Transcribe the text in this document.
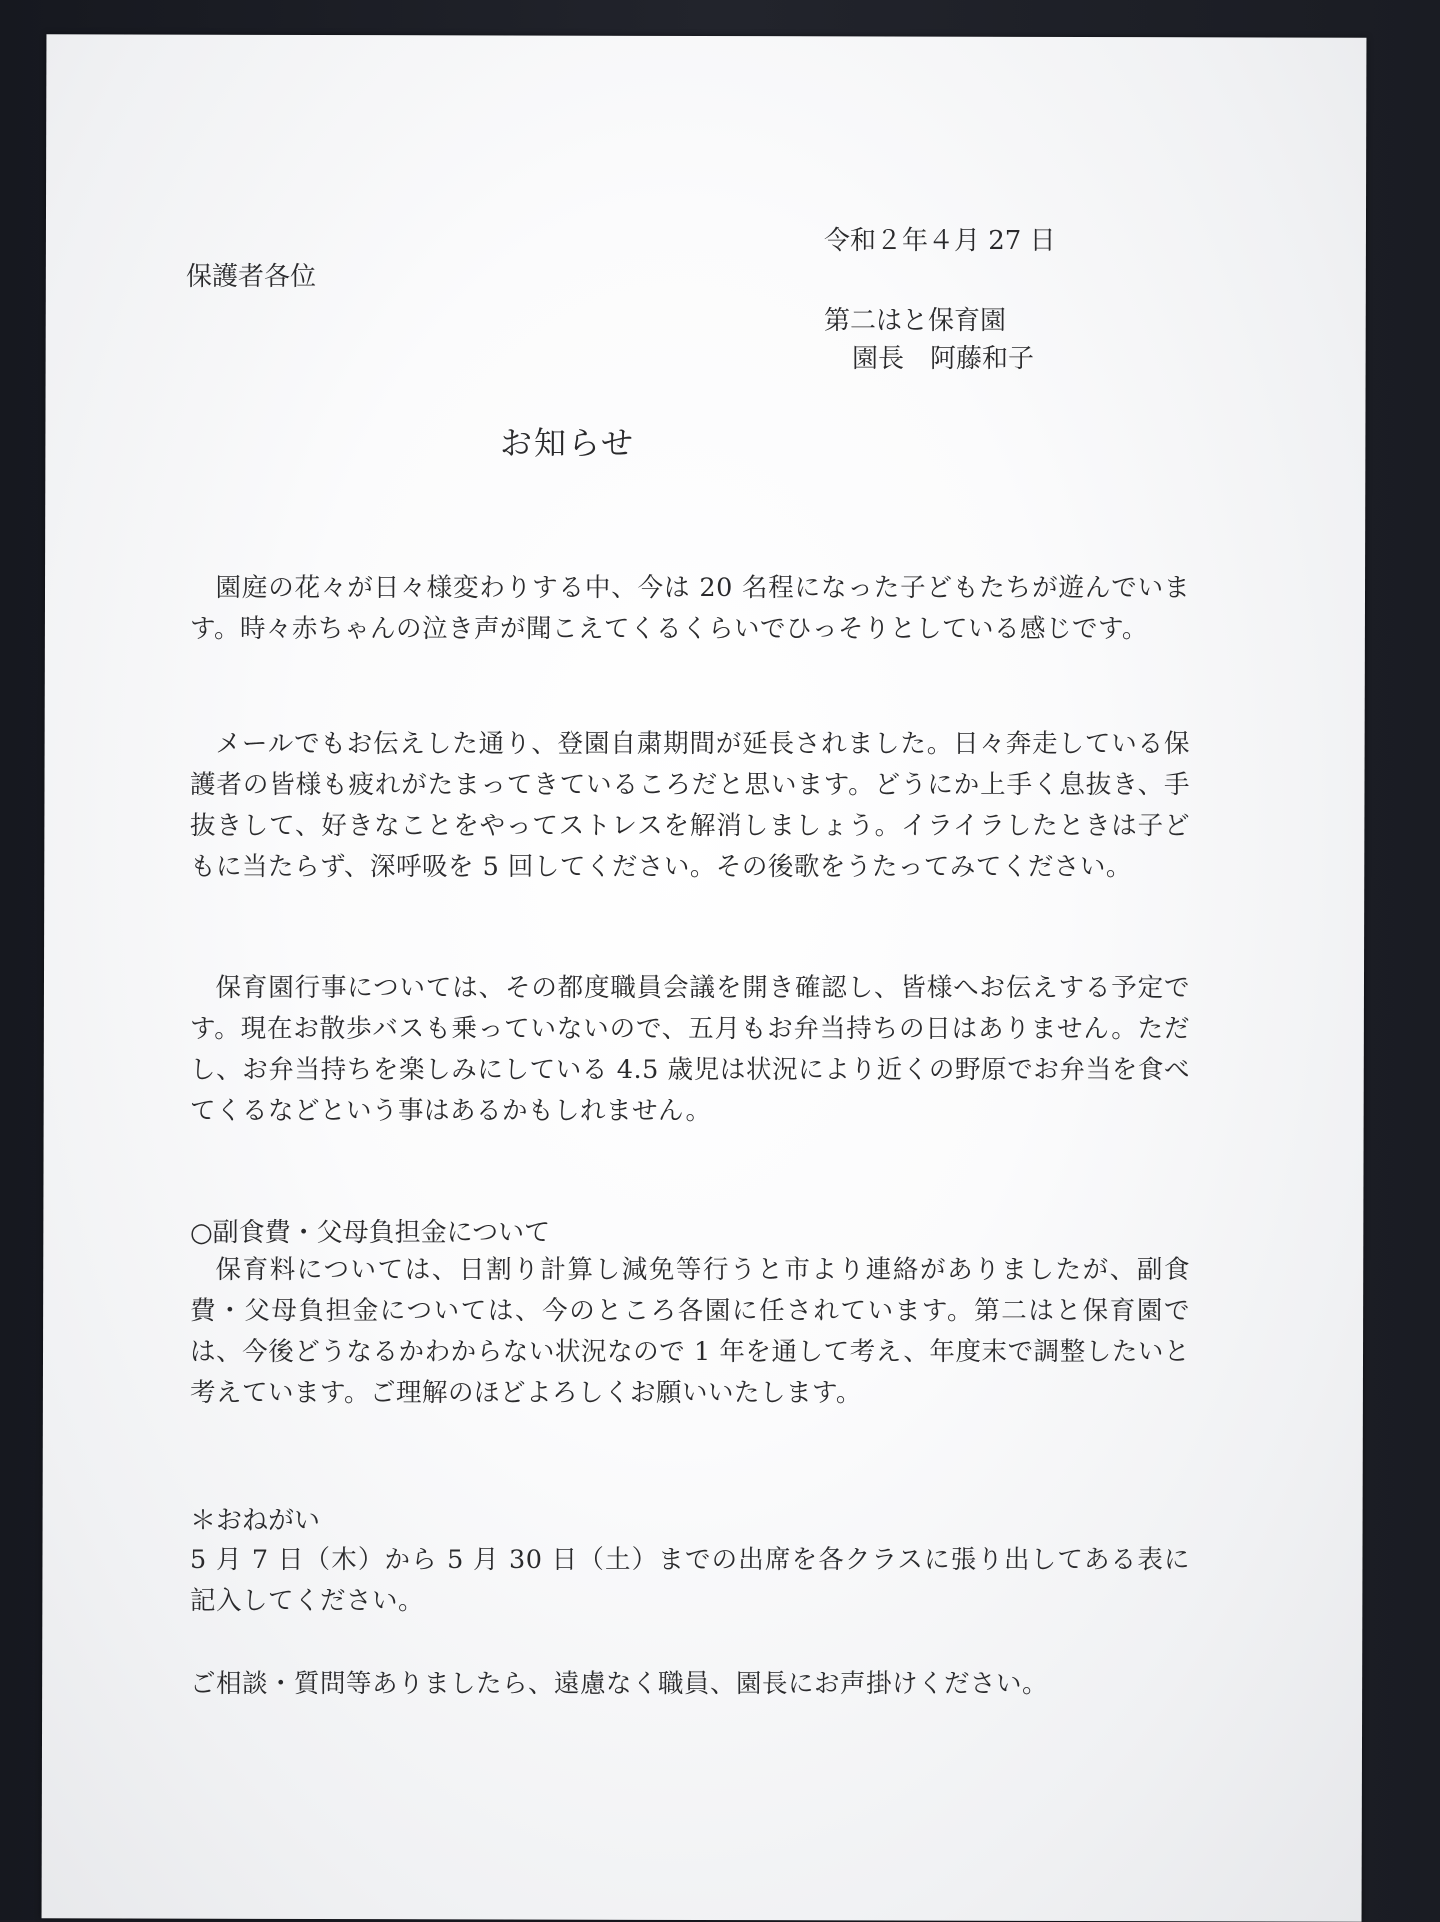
令和２年４月 27 日
保護者各位
第二はと保育園
園長　阿藤和子
お知らせ
園庭の花々が日々様変わりする中、今は 20 名程になった子どもたちが遊んでいます。時々赤ちゃんの泣き声が聞こえてくるくらいでひっそりとしている感じです。
メールでもお伝えした通り、登園自粛期間が延長されました。日々奔走している保護者の皆様も疲れがたまってきているころだと思います。どうにか上手く息抜き、手抜きして、好きなことをやってストレスを解消しましょう。イライラしたときは子どもに当たらず、深呼吸を 5 回してください。その後歌をうたってみてください。
保育園行事については、その都度職員会議を開き確認し、皆様へお伝えする予定です。現在お散歩バスも乗っていないので、五月もお弁当持ちの日はありません。ただし、お弁当持ちを楽しみにしている 4.5 歳児は状況により近くの野原でお弁当を食べてくるなどという事はあるかもしれません。
○副食費・父母負担金について
保育料については、日割り計算し減免等行うと市より連絡がありましたが、副食費・父母負担金については、今のところ各園に任されています。第二はと保育園では、今後どうなるかわからない状況なので 1 年を通して考え、年度末で調整したいと考えています。ご理解のほどよろしくお願いいたします。
＊おねがい
5 月 7 日（木）から 5 月 30 日（土）までの出席を各クラスに張り出してある表に記入してください。
ご相談・質問等ありましたら、遠慮なく職員、園長にお声掛けください。
